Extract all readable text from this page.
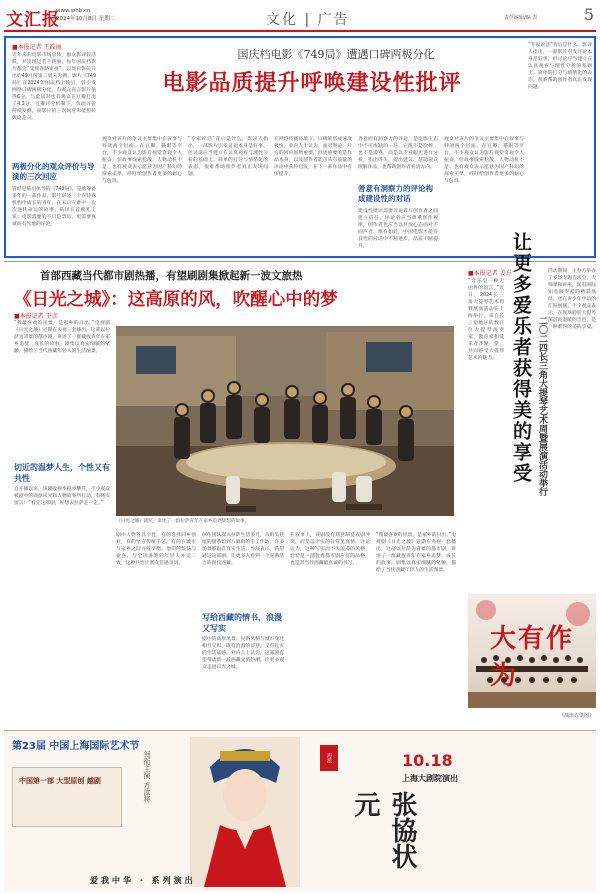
文汇报
www.whb.cn
2024年10月8日 星期二	文化 | 广告	责任编辑/编 表	5
■本报记者 王筱丽
国庆档电影《749局》遭遇口碑两极分化
电影品质提升呼唤建设性批评
近年来的电影市场总体，群众影评较活跃，并出现过若干现象，每年国庆档影片都会“受到各路审视”。以周日影院开出的49月份第二周末为例，影片《749局》在2024年国庆档上映后，曾引发网络口碑两极分化，有观众直言影片值得6分。与此同时也有观众在豆瓣打出了4.3分。豆瓣评分机制下，负面评价持续发酵，而影片的三次回应未能扭转舆论走向。
两极分化的观众评价与导演的三次回应
曾经是陆川执导的《749局》，是他筹备多年的一部作品。影片讲述一个在特殊机构中成长的青年，在末日灾难中一次次逆转命运的故事，陆川在首映礼上说：电影需要的不只是票房，更需要真诚而有见地的评论。
观众对该片的争议主要集中在叙事与特效两个层面。在豆瓣、猫眼等平台，不少观众认为影片视觉奇观令人振奋，但故事线索松散，人物动机不足。也有观众表示愿意为国产科幻的探索买单，呼吁给创作者更多的耐心与包容。
“专家说话”背后是什么。影评人指出，一部影片引发讨论本身是好事，但讨论应当建立在认真观看与理性分析的基础上。简单的打分与情绪化的表态，很难帮助创作者真正发现问题。
在网络传播环境下，口碑的形成速度极快。业内人士认为，面对舆论，片方的回应固然重要，但更重要的是作品本身，以及创作者能否从有质量的评论中获得启发，在下一部作品中有所提升。
善意而有洞察力的评论，是电影生态中不可或缺的一环。它既不是吹捧，也不是谩骂，而是以专业眼光进行分析，指出得失，提出建议，帮助观众理解作品，也帮助创作者看清方向。
善意有洞察力的评论构成建设性的对话
建设性批评需要评论者与创作者之间建立信任。评论者应当尊重创作规律，创作者也应当以开放心态面对不同声音。唯有如此，中国电影才能在良性的对话中不断进步，品质不断提升。
观众对该片的争议主要集中在叙事与特效两个层面。在豆瓣、猫眼等平台，不少观众认为影片视觉奇观令人振奋，但故事线索松散，人物动机不足。也有观众表示愿意为国产科幻的探索买单，呼吁给创作者更多的耐心与包容。
“专家说话”背后是什么。影评人指出，一部影片引发讨论本身是好事，但讨论应当建立在认真观看与理性分析的基础上。简单的打分与情绪化的表态，很难帮助创作者真正发现问题。
首部西藏当代都市剧热播，有望刷剧集掀起新一波文旅热
《日光之城》：这高原的风，吹醒心中的梦
■本报记者 王彦
“我最喜欢的风景，是家乡的日出。”电视剧《日光之城》近期在央视一套播出，这部以拉萨为背景的都市剧，讲述了一群藏族青年在家乡追梦、成长的故事。剧集以真实细腻的笔触，描绘了当代西藏年轻人的生活图景。
切近的温梦人生，个性又有共性
自开播以来，该剧收视率稳步攀升，不少观众被剧中的高原风光和人物故事所打动。有网友留言：“看完这部剧，好想去拉萨走一走。”
《日光之城》剧照，讲述了一群拉萨青年在家乡追逐梦想的故事。
剧中人物各具个性，有的选择回乡创业，有的坚守传统手艺，有的在城市与家乡之间寻找平衡。他们的烦恼与欢喜，与全国各地的年轻人并无二致，这种共性让观众倍感亲切。
创作团队深入拉萨生活多月，从街头巷尾的甜茶馆到八廓街的手工作坊，许多场景都取自真实生活。导演表示，希望通过这部剧，让更多人看到一个充满活力的现代西藏。
写给西藏的情书，浪漫又写实
剧中的高原风景、民俗风情与城市变迁相互交织，既有浪漫的诗意，又有扎实的生活质感。业内人士认为，这部剧有望带动新一波西藏文旅热潮，让更多观众走进日光之城。
在叙事上，该剧没有刻意制造戏剧冲突，而是以平实的日常见真情。评论认为，这种写实而不失浪漫的风格，恰恰是一部优秀都市剧应有的品格，也是对当代西藏最真诚的书写。
“我最喜欢的风景，是家乡的日出。”电视剧《日光之城》近期在央视一套播出，这部以拉萨为背景的都市剧，讲述了一群藏族青年在家乡追梦、成长的故事。剧集以真实细腻的笔触，描绘了当代西藏年轻人的生活图景。
■本报记者 姜方
“音乐是一种无国界的语言。”近日，2024长三角大提琴艺术周暨展演活动在上海举行，来自长三角地区的数百位大提琴演奏家、教育家和爱乐者齐聚一堂，共同感受大提琴艺术的魅力。 让更多爱乐者获得美的享受 二〇二四长三角大提琴艺术周暨展演活动举行
活动期间，主办方举办了多场专题音乐会、大师课和讲座，既有国际知名演奏家的精彩演绎，也有青少年学员的汇报展演。不少观众表示，在现场聆听大提琴深沉而温暖的音色，是一种难得的美的享受。
大有作为
（演出方供图）
第23届 中国上海国际艺术节
中国第一部 大型原创 越剧	领衔主演 方汝将	海派
张協状元
10.18
上海大剧院演出
爱我中华 · 系列演出
